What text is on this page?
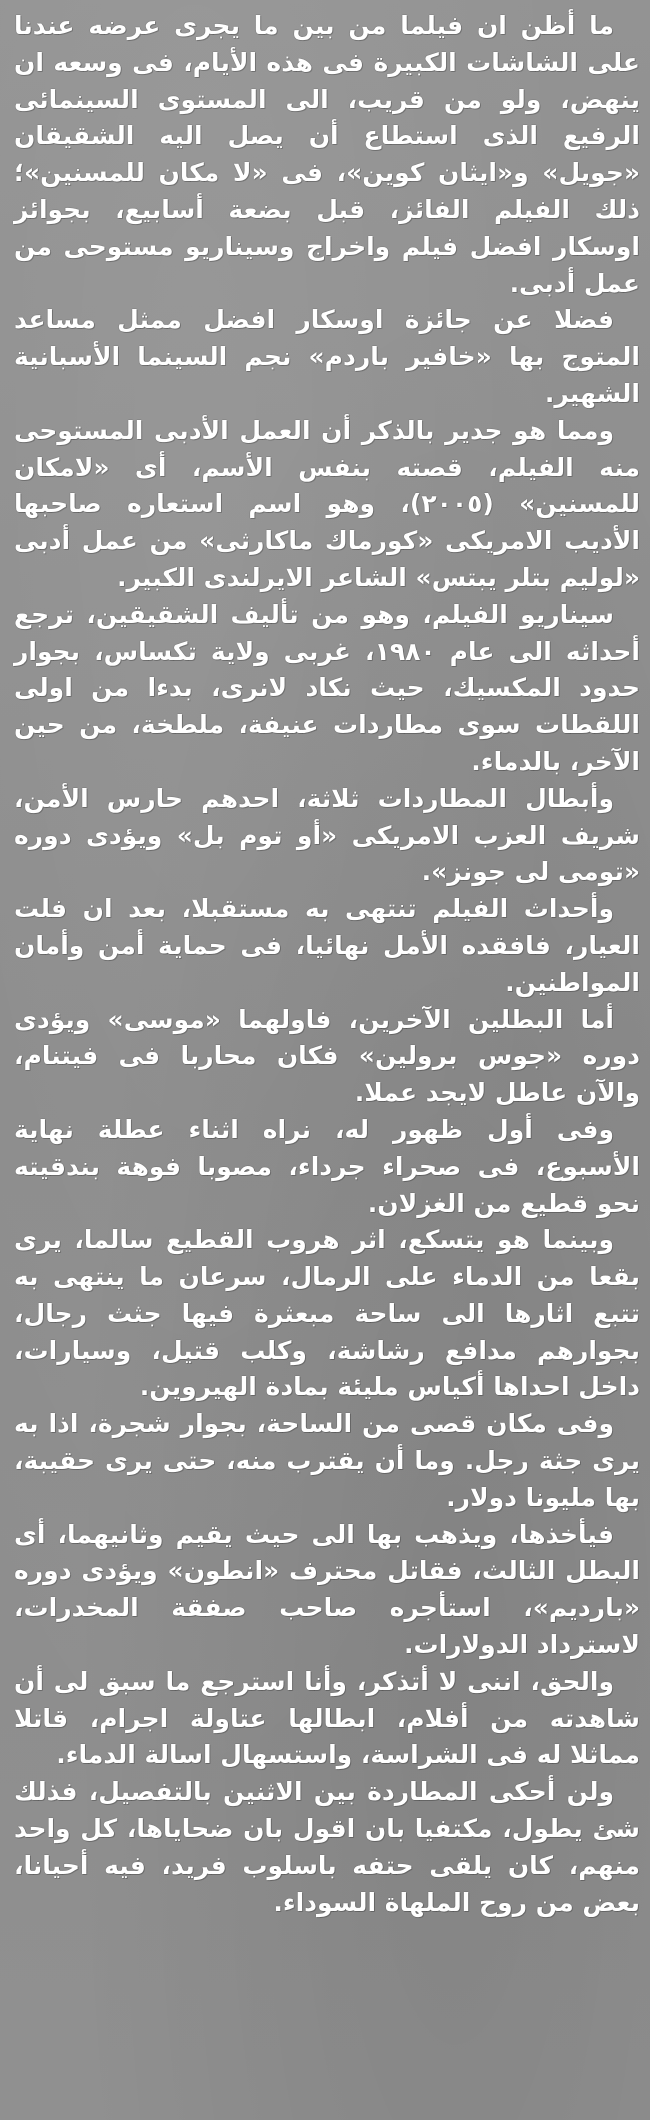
ما أظن ان فيلما من بين ما يجرى عرضه عندنا على الشاشات الكبيرة فى هذه الأيام، فى وسعه ان ينهض، ولو من قريب، الى المستوى السينمائى الرفيع الذى استطاع أن يصل اليه الشقيقان «جويل» و«ايثان كوين»، فى «لا مكان للمسنين»؛ ذلك الفيلم الفائز، قبل بضعة أسابيع، بجوائز اوسكار افضل فيلم واخراج وسيناريو مستوحى من عمل أدبى.

فضلا عن جائزة اوسكار افضل ممثل مساعد المتوج بها «خافير باردم» نجم السينما الأسبانية الشهير.

ومما هو جدير بالذكر أن العمل الأدبى المستوحى منه الفيلم، قصته بنفس الأسم، أى «لامكان للمسنين» (٢٠٠٥)، وهو اسم استعاره صاحبها الأديب الامريكى «كورماك ماكارثى» من عمل أدبى «لوليم بتلر يبتس» الشاعر الايرلندى الكبير.

سيناريو الفيلم، وهو من تأليف الشقيقين، ترجع أحداثه الى عام ١٩٨٠، غربى ولاية تكساس، بجوار حدود المكسيك، حيث نكاد لانرى، بدءا من اولى اللقطات سوى مطاردات عنيفة، ملطخة، من حين الآخر، بالدماء.

وأبطال المطاردات ثلاثة، احدهم حارس الأمن، شريف العزب الامريكى «أو توم بل» ويؤدى دوره «تومى لى جونز».

وأحداث الفيلم تنتهى به مستقبلا، بعد ان فلت العيار، فافقده الأمل نهائيا، فى حماية أمن وأمان المواطنين.

أما البطلين الآخرين، فاولهما «موسى» ويؤدى دوره «جوس برولين» فكان محاربا فى فيتنام، والآن عاطل لايجد عملا.

وفى أول ظهور له، نراه اثناء عطلة نهاية الأسبوع، فى صحراء جرداء، مصوبا فوهة بندقيته نحو قطيع من الغزلان.

وبينما هو يتسكع، اثر هروب القطيع سالما، يرى بقعا من الدماء على الرمال، سرعان ما ينتهى به تتبع اثارها الى ساحة مبعثرة فيها جثث رجال، بجوارهم مدافع رشاشة، وكلب قتيل، وسيارات، داخل احداها أكياس مليئة بمادة الهيروين.

وفى مكان قصى من الساحة، بجوار شجرة، اذا به يرى جثة رجل. وما أن يقترب منه، حتى يرى حقيبة، بها مليونا دولار.

فيأخذها، ويذهب بها الى حيث يقيم وثانيهما، أى البطل الثالث، فقاتل محترف «انطون» ويؤدى دوره «بارديم»، استأجره صاحب صفقة المخدرات، لاسترداد الدولارات.

والحق، اننى لا أتذكر، وأنا استرجع ما سبق لى أن شاهدته من أفلام، ابطالها عتاولة اجرام، قاتلا مماثلا له فى الشراسة، واستسهال اسالة الدماء.

ولن أحكى المطاردة بين الاثنين بالتفصيل، فذلك شئ يطول، مكتفيا بان اقول بان ضحاياها، كل واحد منهم، كان يلقى حتفه باسلوب فريد، فيه أحيانا، بعض من روح الملهاة السوداء.
